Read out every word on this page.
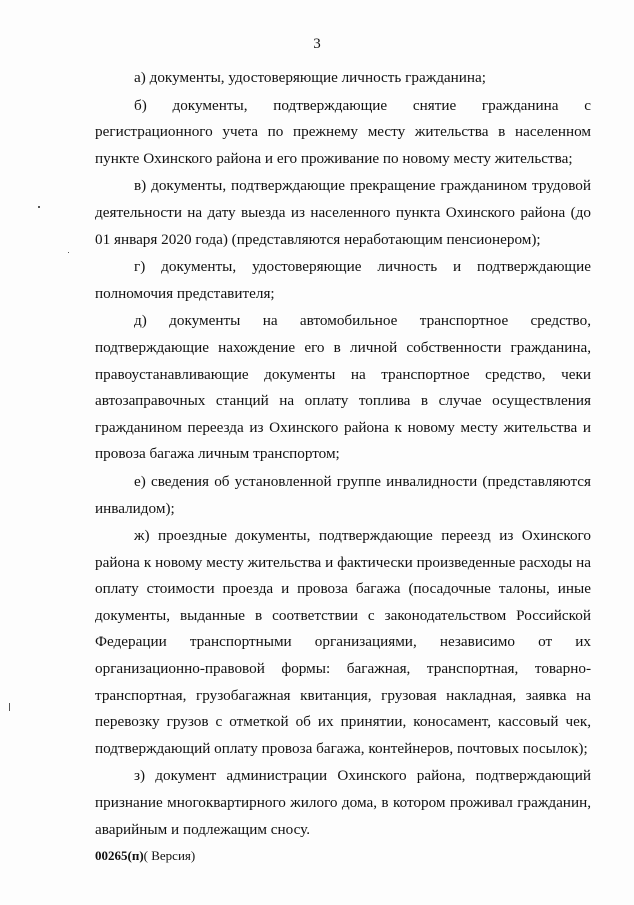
3

а) документы, удостоверяющие личность гражданина;

б) документы, подтверждающие снятие гражданина с регистрационного учета по прежнему месту жительства в населенном пункте Охинского района и его проживание по новому месту жительства;

в) документы, подтверждающие прекращение гражданином трудовой деятельности на дату выезда из населенного пункта Охинского района (до 01 января 2020 года) (представляются неработающим пенсионером);

г) документы, удостоверяющие личность и подтверждающие полномочия представителя;

д) документы на автомобильное транспортное средство, подтверждающие нахождение его в личной собственности гражданина, правоустанавливающие документы на транспортное средство, чеки автозаправочных станций на оплату топлива в случае осуществления гражданином переезда из Охинского района к новому месту жительства и провоза багажа личным транспортом;

е) сведения об установленной группе инвалидности (представляются инвалидом);

ж) проездные документы, подтверждающие переезд из Охинского района к новому месту жительства и фактически произведенные расходы на оплату стоимости проезда и провоза багажа (посадочные талоны, иные документы, выданные в соответствии с законодательством Российской Федерации транспортными организациями, независимо от их организационно-правовой формы: багажная, транспортная, товарно-транспортная, грузобагажная квитанция, грузовая накладная, заявка на перевозку грузов с отметкой об их принятии, коносамент, кассовый чек, подтверждающий оплату провоза багажа, контейнеров, почтовых посылок);

з) документ администрации Охинского района, подтверждающий признание многоквартирного жилого дома, в котором проживал гражданин, аварийным и подлежащим сносу.

00265(п)( Версия)
